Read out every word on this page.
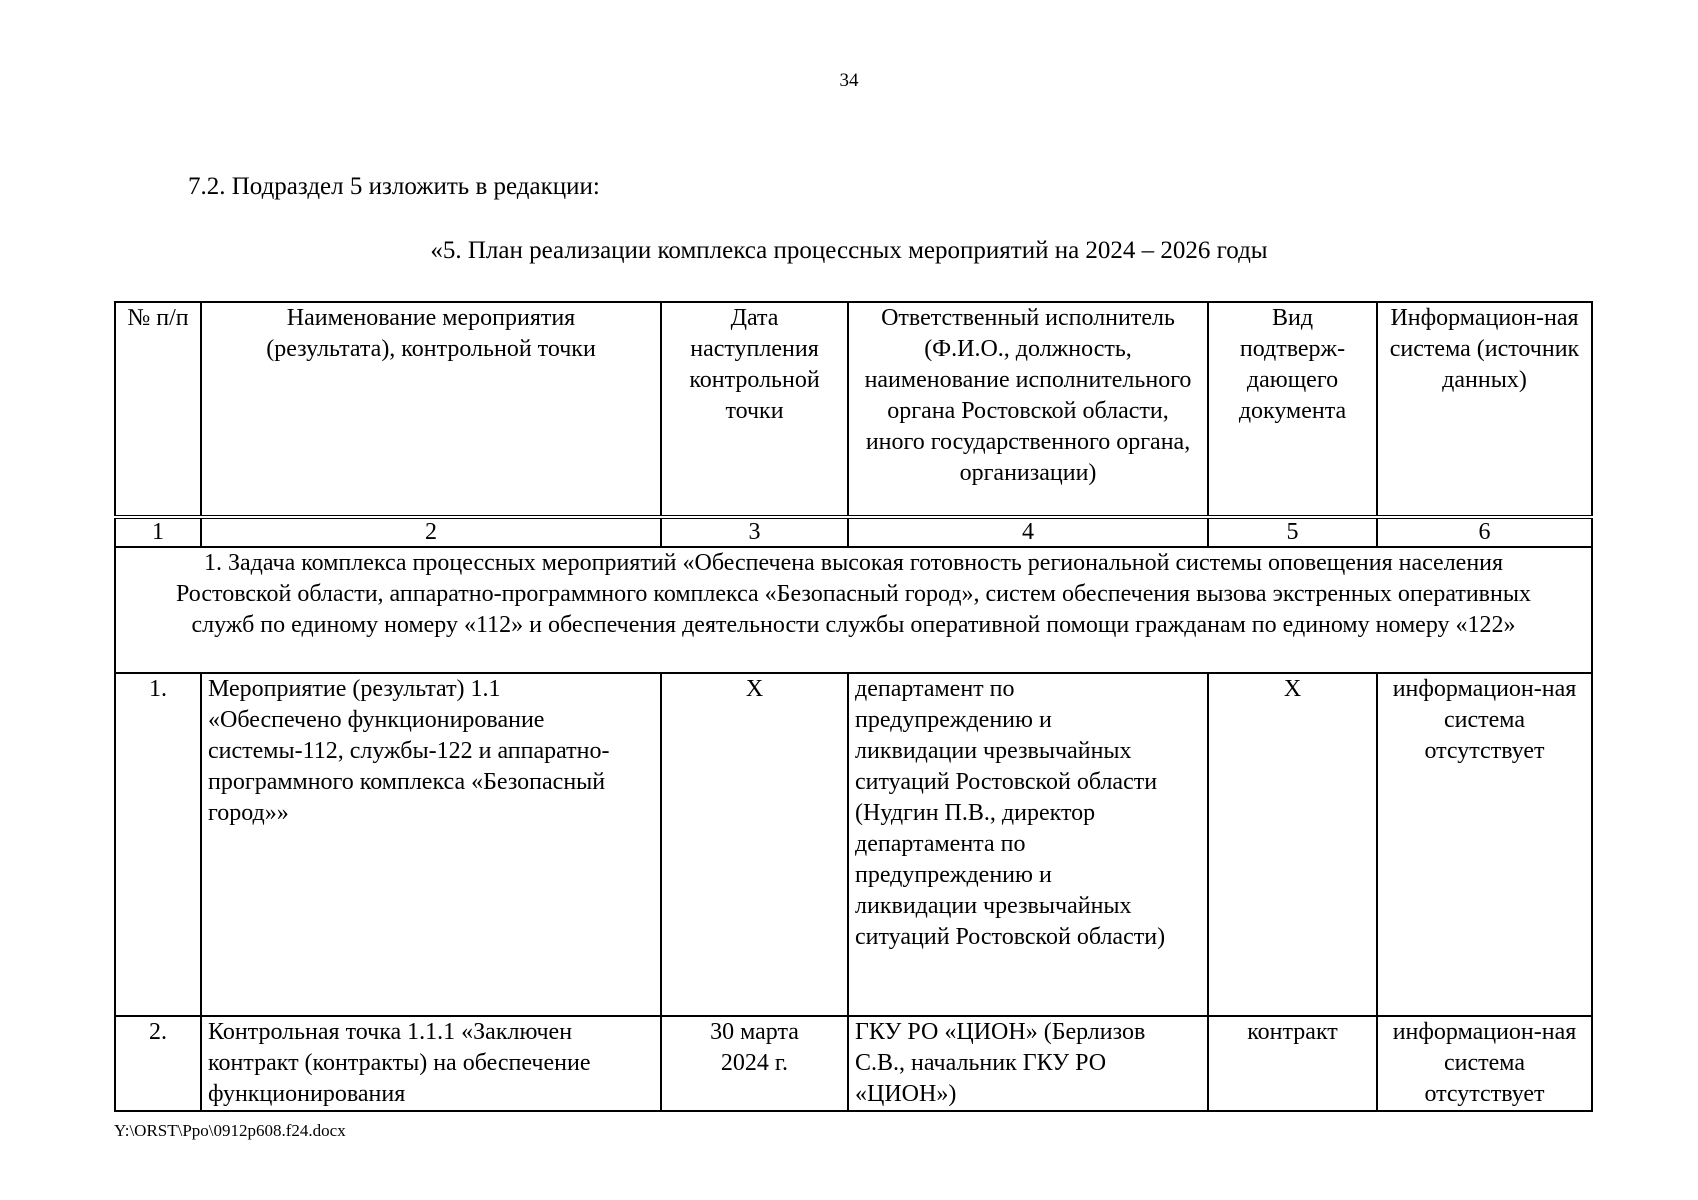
34
7.2. Подраздел 5 изложить в редакции:
«5. План реализации комплекса процессных мероприятий на 2024 – 2026 годы
№ п/п	Наименование мероприятия (результата), контрольной точки	Дата наступления контрольной точки	Ответственный исполнитель (Ф.И.О., должность, наименование исполнительного органа Ростовской области, иного государственного органа, организации)	Вид подтверж-дающего документа	Информацион-ная система (источник данных)
1	2	3	4	5	6
1. Задача комплекса процессных мероприятий «Обеспечена высокая готовность региональной системы оповещения населения Ростовской области, аппаратно-программного комплекса «Безопасный город», систем обеспечения вызова экстренных оперативных служб по единому номеру «112» и обеспечения деятельности службы оперативной помощи гражданам по единому номеру «122»					
1.	Мероприятие (результат) 1.1 «Обеспечено функционирование системы-112, службы-122 и аппаратно-программного комплекса «Безопасный город»»	X	департамент по предупреждению и ликвидации чрезвычайных ситуаций Ростовской области (Нудгин П.В., директор департамента по предупреждению и ликвидации чрезвычайных ситуаций Ростовской области)	X	информацион-ная система отсутствует
2.	Контрольная точка 1.1.1 «Заключен контракт (контракты) на обеспечение функционирования	30 марта 2024 г.	ГКУ РО «ЦИОН» (Берлизов С.В., начальник ГКУ РО «ЦИОН»)	контракт	информацион-ная система отсутствует
Y:\ORST\Ppo\0912p608.f24.docx
